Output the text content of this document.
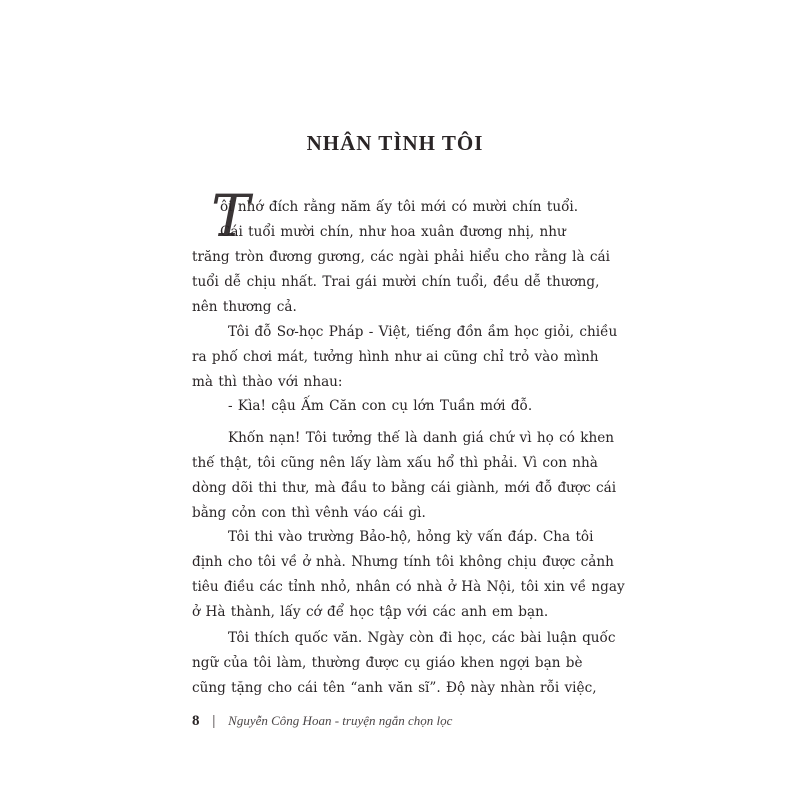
NHÂN TÌNH TÔI
T
ôi nhớ đích rằng năm ấy tôi mới có mười chín tuổi.
Cái tuổi mười chín, như hoa xuân đương nhị, như
trăng tròn đương gương, các ngài phải hiểu cho rằng là cái
tuổi dễ chịu nhất. Trai gái mười chín tuổi, đều dễ thương,
nên thương cả.
Tôi đỗ Sơ-học Pháp - Việt, tiếng đồn ầm học giỏi, chiều
ra phố chơi mát, tưởng hình như ai cũng chỉ trỏ vào mình
mà thì thào với nhau:
- Kìa! cậu Ấm Căn con cụ lớn Tuần mới đỗ.
Khốn nạn! Tôi tưởng thế là danh giá chứ vì họ có khen
thế thật, tôi cũng nên lấy làm xấu hổ thì phải. Vì con nhà
dòng dõi thi thư, mà đầu to bằng cái giành, mới đỗ được cái
bằng cỏn con thì vênh váo cái gì.
Tôi thi vào trường Bảo-hộ, hỏng kỳ vấn đáp. Cha tôi
định cho tôi về ở nhà. Nhưng tính tôi không chịu được cảnh
tiêu điều các tỉnh nhỏ, nhân có nhà ở Hà Nội, tôi xin về ngay
ở Hà thành, lấy cớ để học tập với các anh em bạn.
Tôi thích quốc văn. Ngày còn đi học, các bài luận quốc
ngữ của tôi làm, thường được cụ giáo khen ngợi bạn bè
cũng tặng cho cái tên “anh văn sĩ”. Độ này nhàn rỗi việc,
8 | Nguyễn Công Hoan - truyện ngắn chọn lọc
